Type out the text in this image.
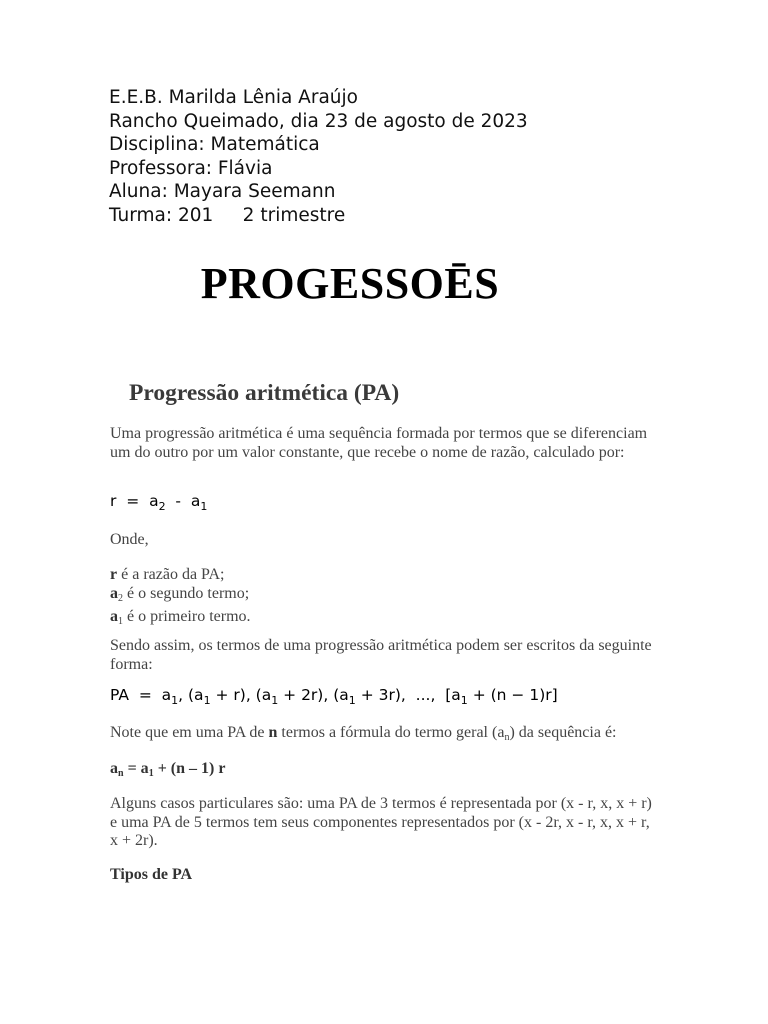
E.E.B. Marilda Lênia Araújo
Rancho Queimado, dia 23 de agosto de 2023
Disciplina: Matemática
Professora: Flávia
Aluna: Mayara Seemann
Turma: 201     2 trimestre
PROGESSOĒS
Progressão aritmética (PA)
Uma progressão aritmética é uma sequência formada por termos que se diferenciam um do outro por um valor constante, que recebe o nome de razão, calculado por:
$r = a_2 - a_1$
Onde,
r é a razão da PA;
$a_2$ é o segundo termo;
$a_1$ é o primeiro termo.
Sendo assim, os termos de uma progressão aritmética podem ser escritos da seguinte forma:
PA  =  $a_1$, $(a_1 + r)$, $(a_1 + 2r)$, $(a_1 + 3r)$,  ...,  $[a_1 + (n - 1)r]$
Note que em uma PA de n termos a fórmula do termo geral $(a_n)$ da sequência é:
$a_n = a_1 + (n - 1)$ r
Alguns casos particulares são: uma PA de 3 termos é representada por (x - r, x, x + r) e uma PA de 5 termos tem seus componentes representados por (x - 2r, x - r, x, x + r, x + 2r).
Tipos de PA
